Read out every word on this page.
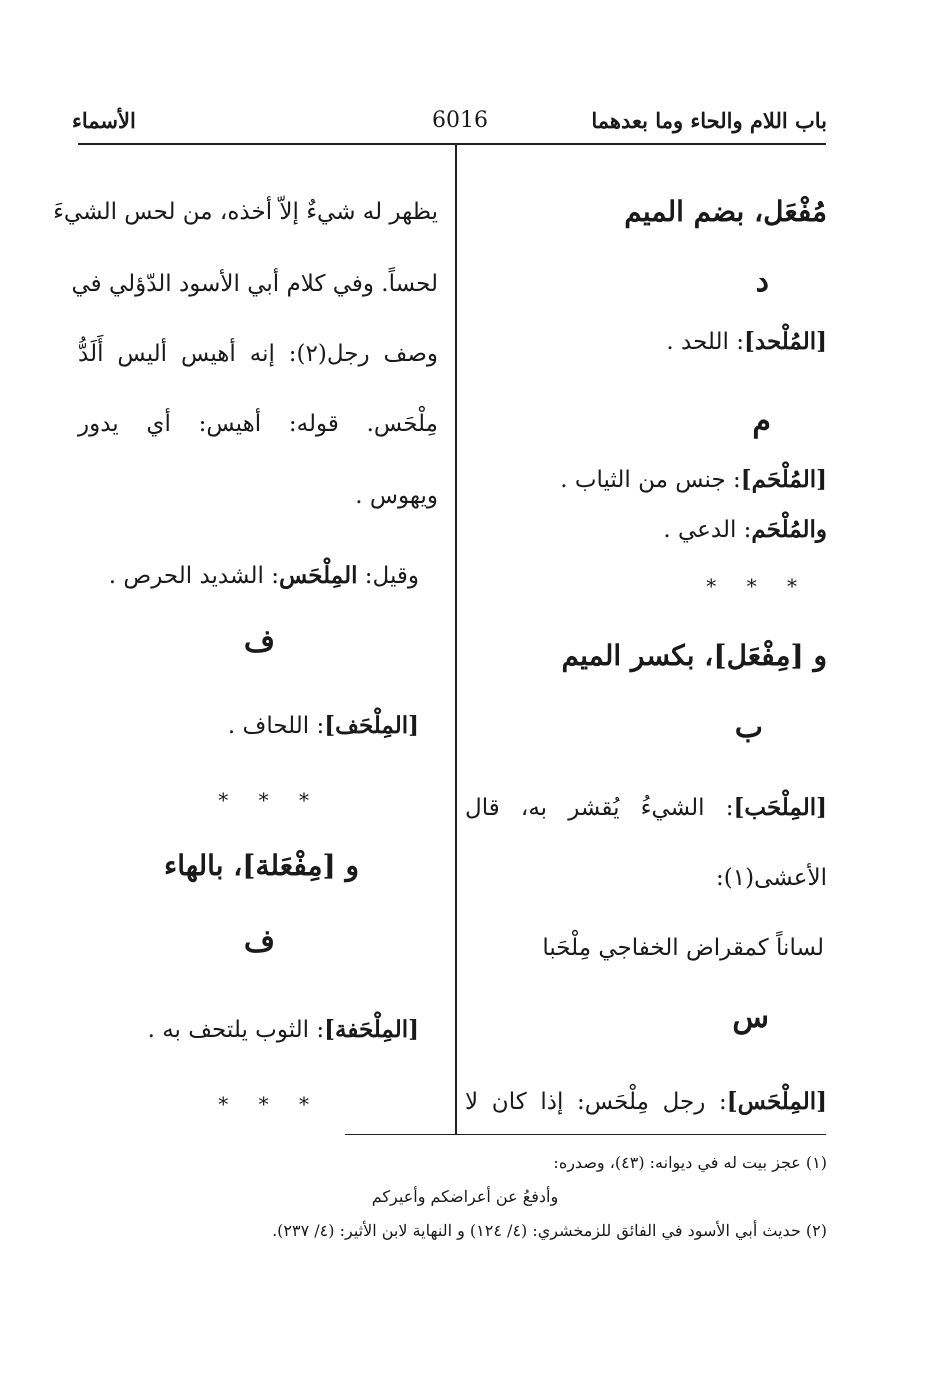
باب اللام والحاء وما بعدهما
6016
الأسماء
مُفْعَل، بضم الميم
د
[المُلْحد]: اللحد .
م
[المُلْحَم]: جنس من الثياب .
والمُلْحَم: الدعي .
* * *
و [مِفْعَل]، بكسر الميم
ب
[المِلْحَب]: الشيءُ يُقشر به، قال
الأعشى(١):
لساناً كمقراض الخفاجي مِلْحَبا
س
[المِلْحَس]: رجل مِلْحَس: إذا كان لا
يظهر له شيءٌ إلاّ أخذه، من لحس الشيءَ
لحساً. وفي كلام أبي الأسود الدّؤلي في
وصف رجل(٢): إنه أهيس أليس أَلَدُّ
مِلْحَس. قوله: أهيس: أي يدور
ويهوس .
وقيل: المِلْحَس: الشديد الحرص .
ف
[المِلْحَف]: اللحاف .
* * *
و [مِفْعَلة]، بالهاء
ف
[المِلْحَفة]: الثوب يلتحف به .
* * *
(١) عجز بيت له في ديوانه: (٤٣)، وصدره:
وأدفعُ عن أعراضكم وأعيركم
(٢) حديث أبي الأسود في الفائق للزمخشري: (٤/ ١٢٤) و النهاية لابن الأثير: (٤/ ٢٣٧).
